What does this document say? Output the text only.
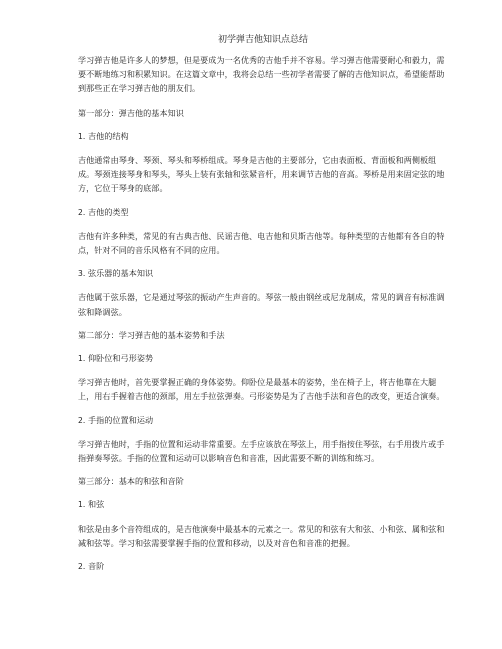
初学弹吉他知识点总结

学习弹吉他是许多人的梦想，但是要成为一名优秀的吉他手并不容易。学习弹吉他需要耐心和毅力，需要不断地练习和积累知识。在这篇文章中，我将会总结一些初学者需要了解的吉他知识点，希望能帮助到那些正在学习弹吉他的朋友们。

第一部分：弹吉他的基本知识

1. 吉他的结构

吉他通常由琴身、琴颈、琴头和琴桥组成。琴身是吉他的主要部分，它由表面板、背面板和两侧板组成。琴颈连接琴身和琴头，琴头上装有张轴和弦紧音杆，用来调节吉他的音高。琴桥是用来固定弦的地方，它位于琴身的底部。

2. 吉他的类型

吉他有许多种类，常见的有古典吉他、民谣吉他、电吉他和贝斯吉他等。每种类型的吉他都有各自的特点，针对不同的音乐风格有不同的应用。

3. 弦乐器的基本知识

吉他属于弦乐器，它是通过琴弦的振动产生声音的。琴弦一般由钢丝或尼龙制成，常见的调音有标准调弦和降调弦。

第二部分：学习弹吉他的基本姿势和手法

1. 仰卧位和弓形姿势

学习弹吉他时，首先要掌握正确的身体姿势。仰卧位是最基本的姿势，坐在椅子上，将吉他靠在大腿上，用右手握着吉他的颈部，用左手拉弦弹奏。弓形姿势是为了吉他手法和音色的改变，更适合演奏。

2. 手指的位置和运动

学习弹吉他时，手指的位置和运动非常重要。左手应该放在琴弦上，用手指按住琴弦，右手用拨片或手指弹奏琴弦。手指的位置和运动可以影响音色和音准，因此需要不断的训练和练习。

第三部分：基本的和弦和音阶

1. 和弦

和弦是由多个音符组成的，是吉他演奏中最基本的元素之一。常见的和弦有大和弦、小和弦、属和弦和减和弦等。学习和弦需要掌握手指的位置和移动，以及对音色和音准的把握。

2. 音阶
